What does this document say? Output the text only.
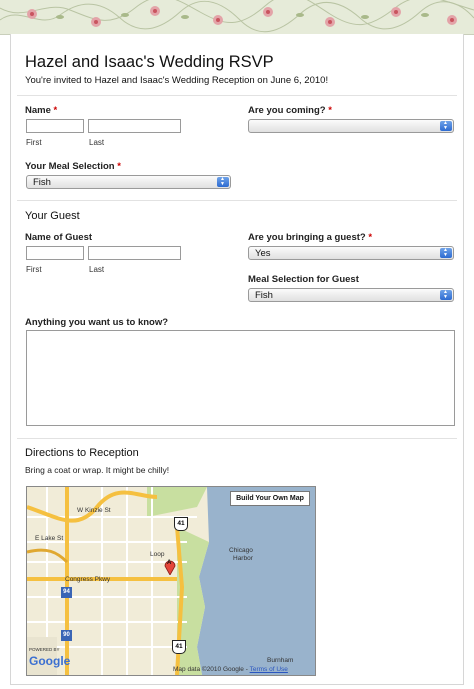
Hazel and Isaac's Wedding RSVP
You're invited to Hazel and Isaac's Wedding Reception on June 6, 2010!
Name *
First	Last
Are you coming? *
▲
▼
Your Meal Selection *
Fish	▲
▼
Your Guest
Name of Guest
First	Last
Are you bringing a guest? *
Yes	▲
▼
Meal Selection for Guest
Fish	▲
▼
Anything you want us to know?
Directions to Reception
Bring a coat or wrap. It might be chilly!
Build Your Own Map
W Kinzie St
E Lake St
Loop
Chicago
Harbor
Congress Pkwy
Burnham
41
41
90
94
A
POWERED BY
Google
Map data ©2010 Google - Terms of Use
